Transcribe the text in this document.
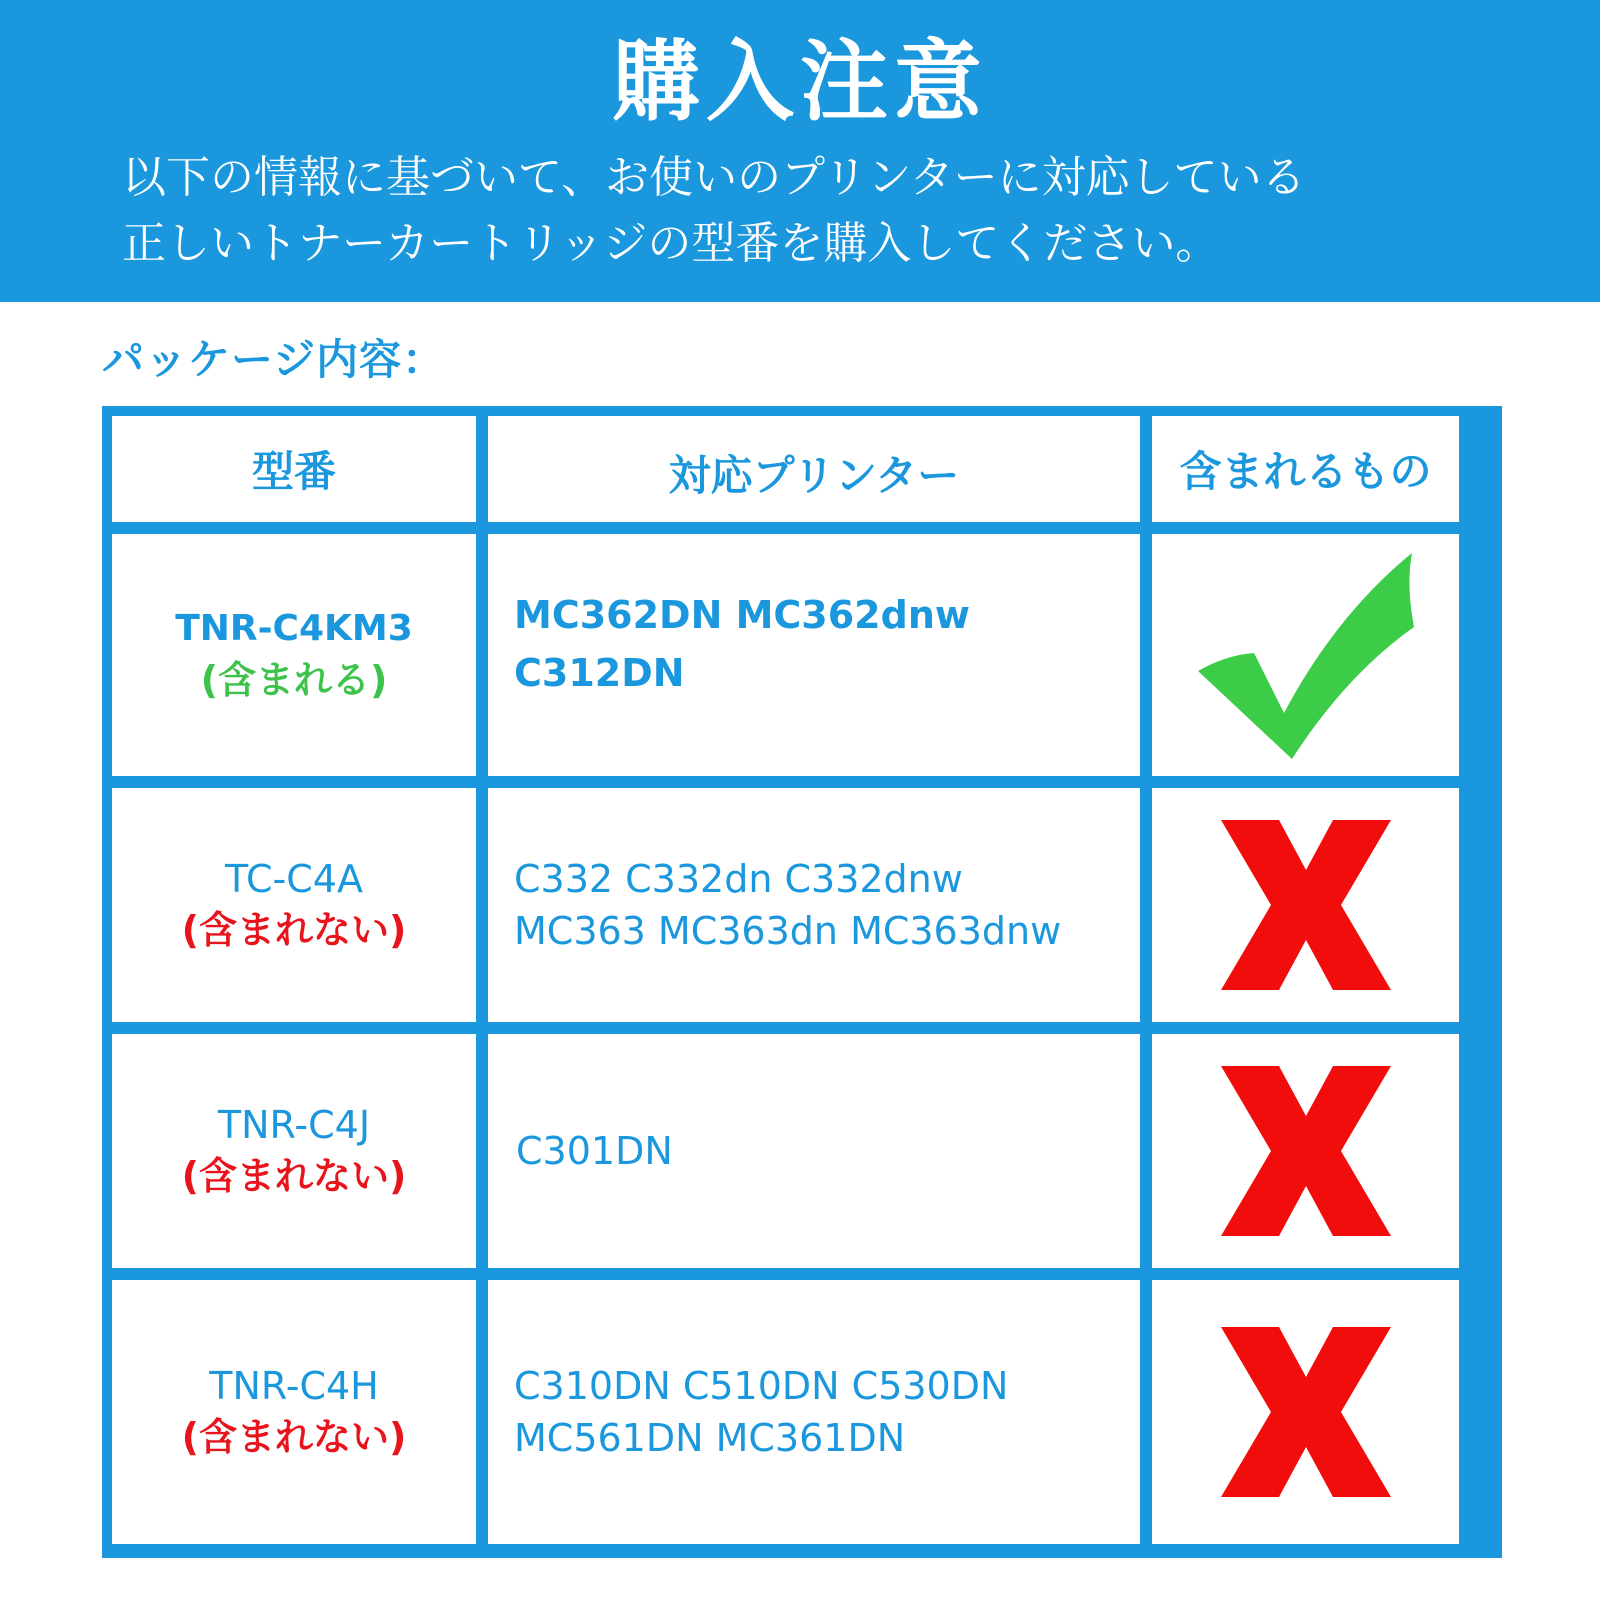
購入注意
以下の情報に基づいて、お使いのプリンターに対応している
正しいトナーカートリッジの型番を購入してください。
パッケージ内容：
型番	対応プリンター	含まれるもの
TNR-C4KM3
(含まれる)
MC362DN MC362dnw
C312DN
TC-C4A
(含まれない)
C332 C332dn C332dnw
MC363 MC363dn MC363dnw
TNR-C4J
(含まれない)
C301DN
TNR-C4H
(含まれない)
C310DN C510DN C530DN
MC561DN MC361DN
